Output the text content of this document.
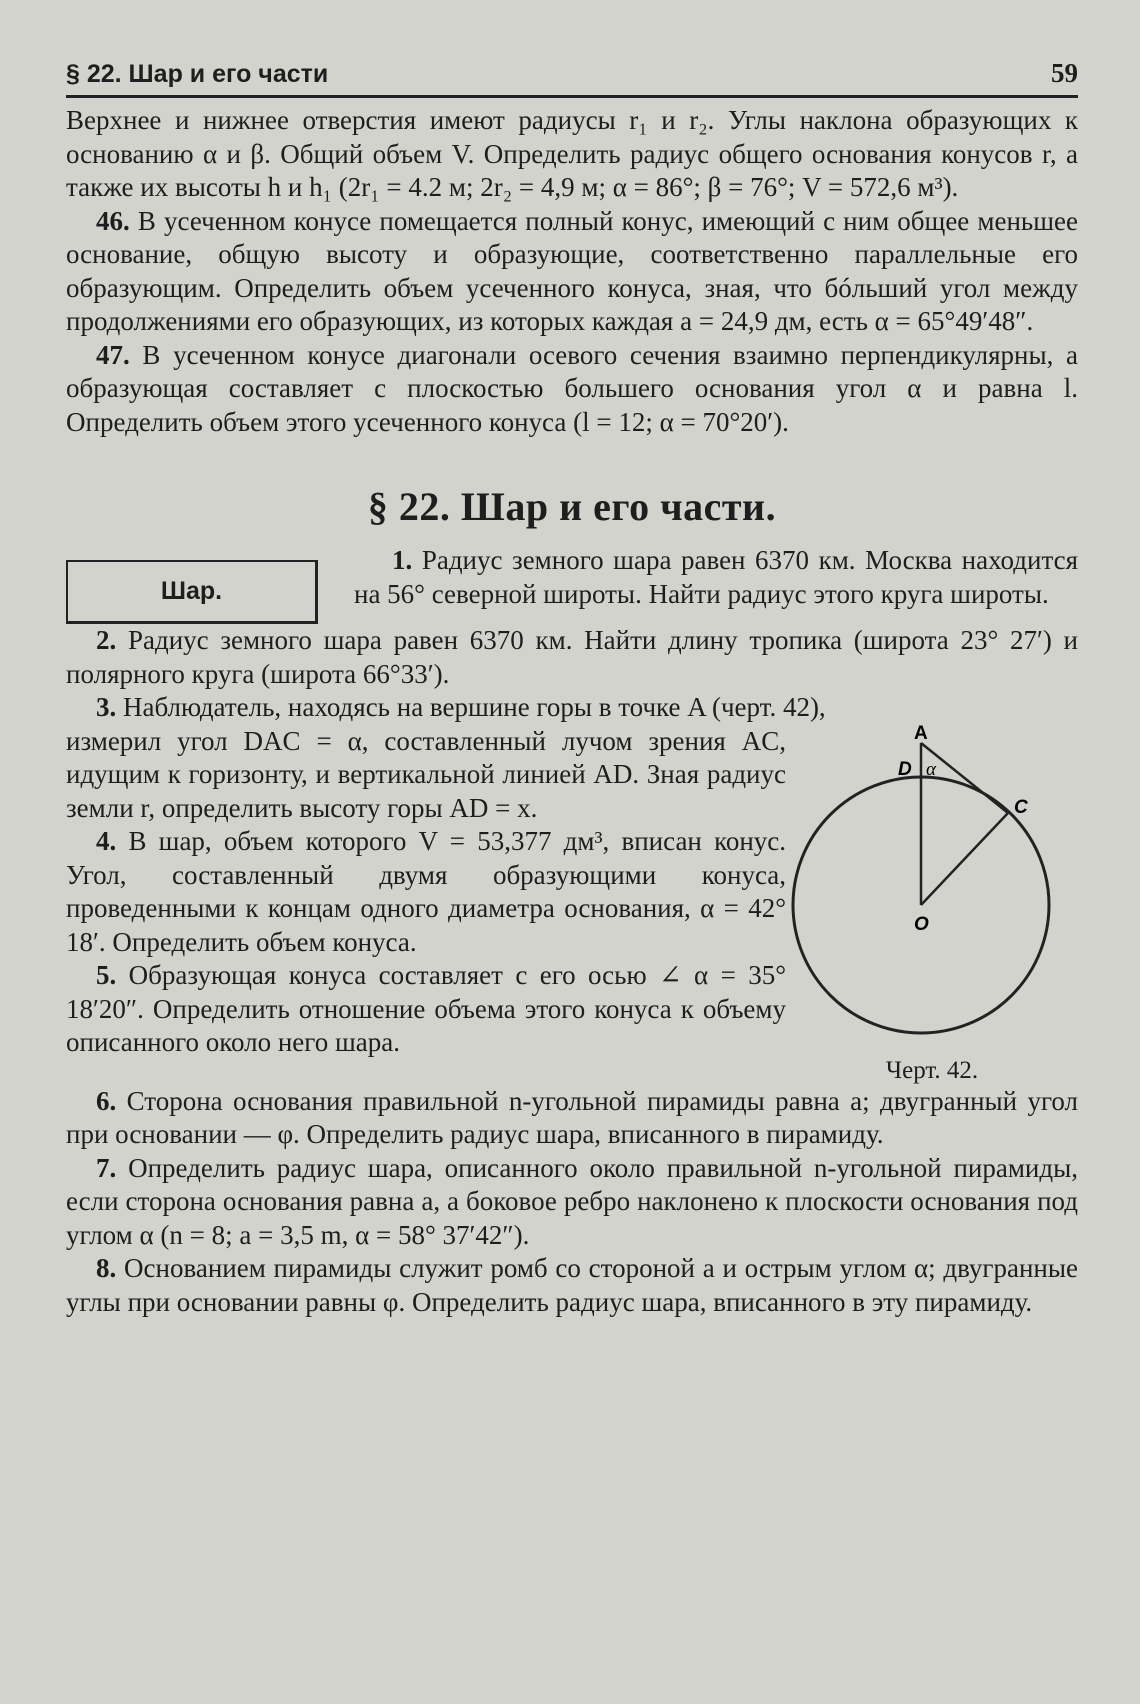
§ 22. Шар и его части	59

Верхнее и нижнее отверстия имеют радиусы r₁ и r₂. Углы наклона образующих к основанию α и β. Общий объем V. Определить радиус общего основания конусов r, а также их высоты h и h₁ (2r₁ = 4.2 м; 2r₂ = 4,9 м; α = 86°; β = 76°; V = 572,6 м³).

46. В усеченном конусе помещается полный конус, имеющий с ним общее меньшее основание, общую высоту и образующие, соответственно параллельные его образующим. Определить объем усеченного конуса, зная, что бóльший угол между продолжениями его образующих, из которых каждая a = 24,9 дм, есть α = 65°49′48″.

47. В усеченном конусе диагонали осевого сечения взаимно перпендикулярны, а образующая составляет с плоскостью большего основания угол α и равна l. Определить объем этого усеченного конуса (l = 12; α = 70°20′).

§ 22. Шар и его части.
Шар.

1. Радиус земного шара равен 6370 км. Москва находится на 56° северной широты. Найти радиус этого круга широты.

2. Радиус земного шара равен 6370 км. Найти длину тропика (широта 23° 27′) и полярного круга (широта 66°33′).

3. Наблюдатель, находясь на вершине горы в точке A (черт. 42),

измерил угол DAC = α, составленный лучом зрения AC, идущим к горизонту, и вертикальной линией AD. Зная радиус земли r, определить высоту горы AD = x.

4. В шар, объем которого V = 53,377 дм³, вписан конус. Угол, составленный двумя образующими конуса, проведенными к концам одного диаметра основания, α = 42° 18′. Определить объем конуса.

5. Образующая конуса составляет с его осью ∠ α = 35° 18′20″. Определить отношение объема этого конуса к объему описанного около него шара.

A
D α
C
O
Черт. 42.

6. Сторона основания правильной n-угольной пирамиды равна a; двугранный угол при основании — φ. Определить радиус шара, вписанного в пирамиду.

7. Определить радиус шара, описанного около правильной n-угольной пирамиды, если сторона основания равна a, а боковое ребро наклонено к плоскости основания под углом α (n = 8; a = 3,5 m, α = 58° 37′42″).

8. Основанием пирамиды служит ромб со стороной a и острым углом α; двугранные углы при основании равны φ. Определить радиус шара, вписанного в эту пирамиду.
